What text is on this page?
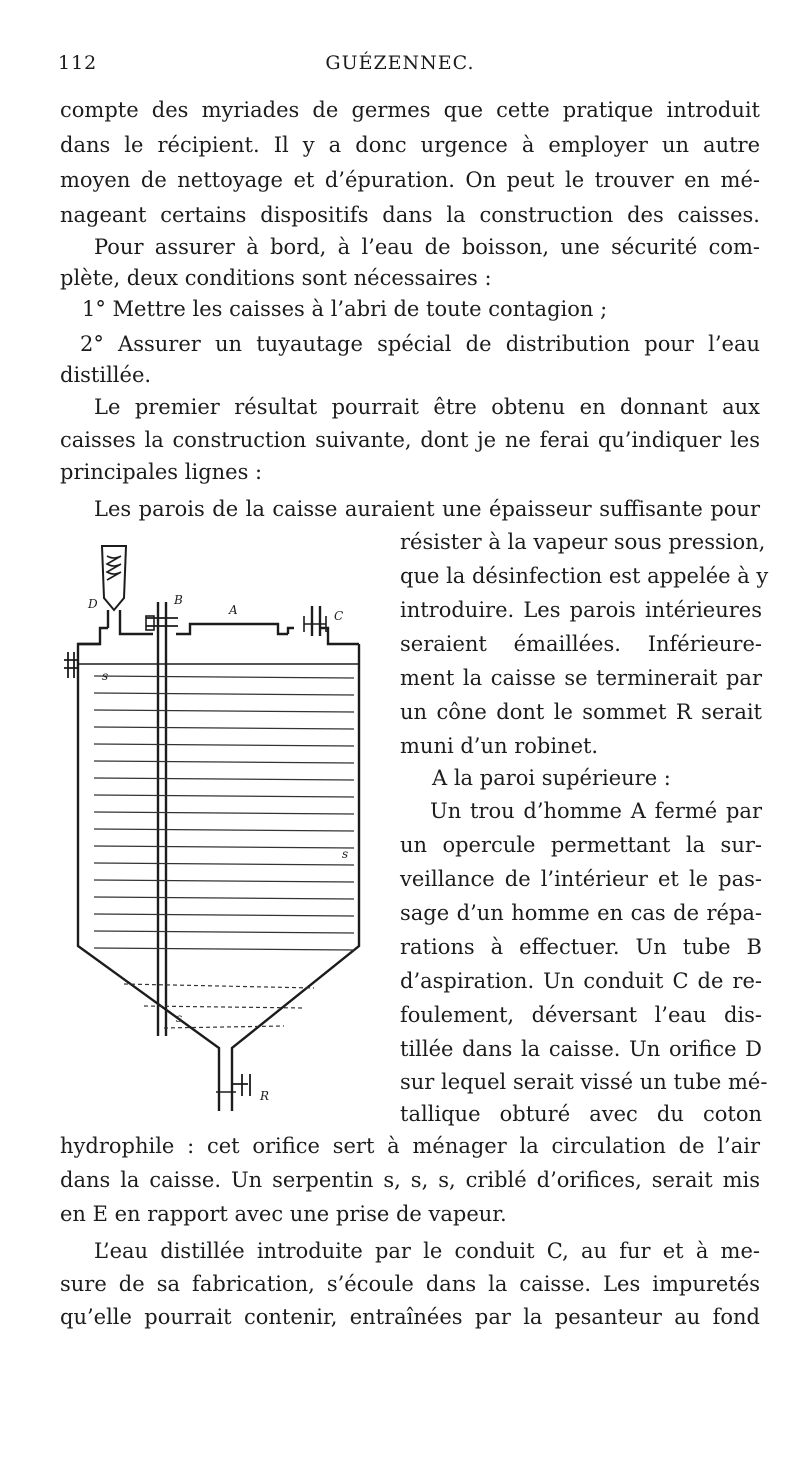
112	GUÉZENNEC.
compte des myriades de germes que cette pratique introduit
dans le récipient. Il y a donc urgence à employer un autre
moyen de nettoyage et d’épuration. On peut le trouver en mé-
nageant certains dispositifs dans la construction des caisses.
Pour assurer à bord, à l’eau de boisson, une sécurité com-
plète, deux conditions sont nécessaires :
1° Mettre les caisses à l’abri de toute contagion ;
2° Assurer un tuyautage spécial de distribution pour l’eau
distillée.
Le premier résultat pourrait être obtenu en donnant aux
caisses la construction suivante, dont je ne ferai qu’indiquer les
principales lignes :
Les parois de la caisse auraient une épaisseur suffisante pour
résister à la vapeur sous pression,
que la désinfection est appelée à y
introduire. Les parois intérieures
seraient émaillées. Inférieure-
ment la caisse se terminerait par
un cône dont le sommet R serait
muni d’un robinet.
A la paroi supérieure :
Un trou d’homme A fermé par
un opercule permettant la sur-
veillance de l’intérieur et le pas-
sage d’un homme en cas de répa-
rations à effectuer. Un tube B
d’aspiration. Un conduit C de re-
foulement, déversant l’eau dis-
tillée dans la caisse. Un orifice D
sur lequel serait vissé un tube mé-
tallique obturé avec du coton
hydrophile : cet orifice sert à ménager la circulation de l’air
dans la caisse. Un serpentin s, s, s, criblé d’orifices, serait mis
en E en rapport avec une prise de vapeur.
L’eau distillée introduite par le conduit C, au fur et à me-
sure de sa fabrication, s’écoule dans la caisse. Les impuretés
qu’elle pourrait contenir, entraînées par la pesanteur au fond
D	B
A	C
s
s
s
R
